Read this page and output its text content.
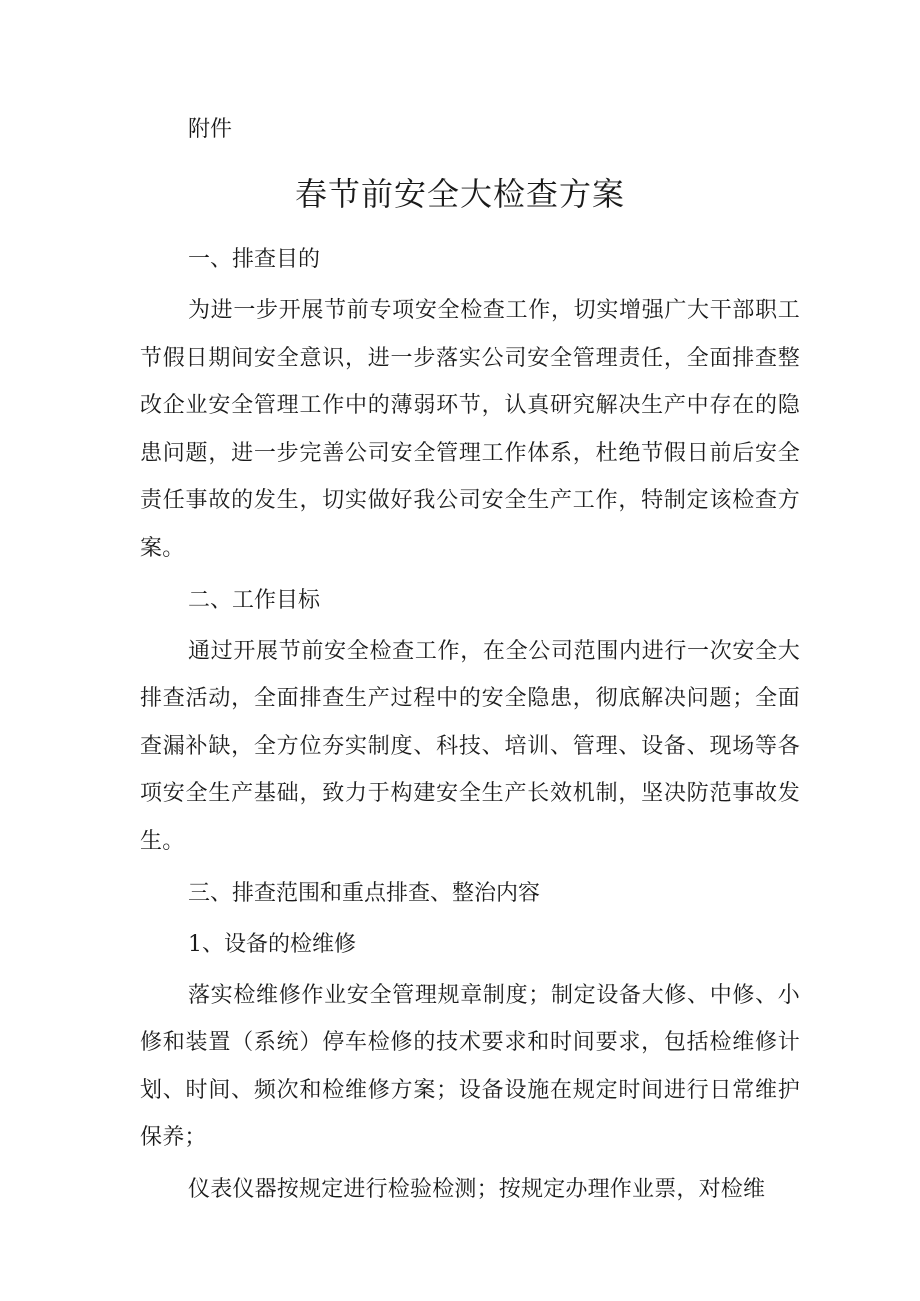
附件
春节前安全大检查方案
一、排查目的

为进一步开展节前专项安全检查工作，切实增强广大干部职工节假日期间安全意识，进一步落实公司安全管理责任，全面排查整改企业安全管理工作中的薄弱环节，认真研究解决生产中存在的隐患问题，进一步完善公司安全管理工作体系，杜绝节假日前后安全责任事故的发生，切实做好我公司安全生产工作，特制定该检查方案。

二、工作目标

通过开展节前安全检查工作，在全公司范围内进行一次安全大排查活动，全面排查生产过程中的安全隐患，彻底解决问题；全面查漏补缺，全方位夯实制度、科技、培训、管理、设备、现场等各项安全生产基础，致力于构建安全生产长效机制，坚决防范事故发生。

三、排查范围和重点排查、整治内容
1、设备的检维修

落实检维修作业安全管理规章制度；制定设备大修、中修、小修和装置（系统）停车检修的技术要求和时间要求，包括检维修计划、时间、频次和检维修方案；设备设施在规定时间进行日常维护保养；

仪表仪器按规定进行检验检测；按规定办理作业票，对检维
